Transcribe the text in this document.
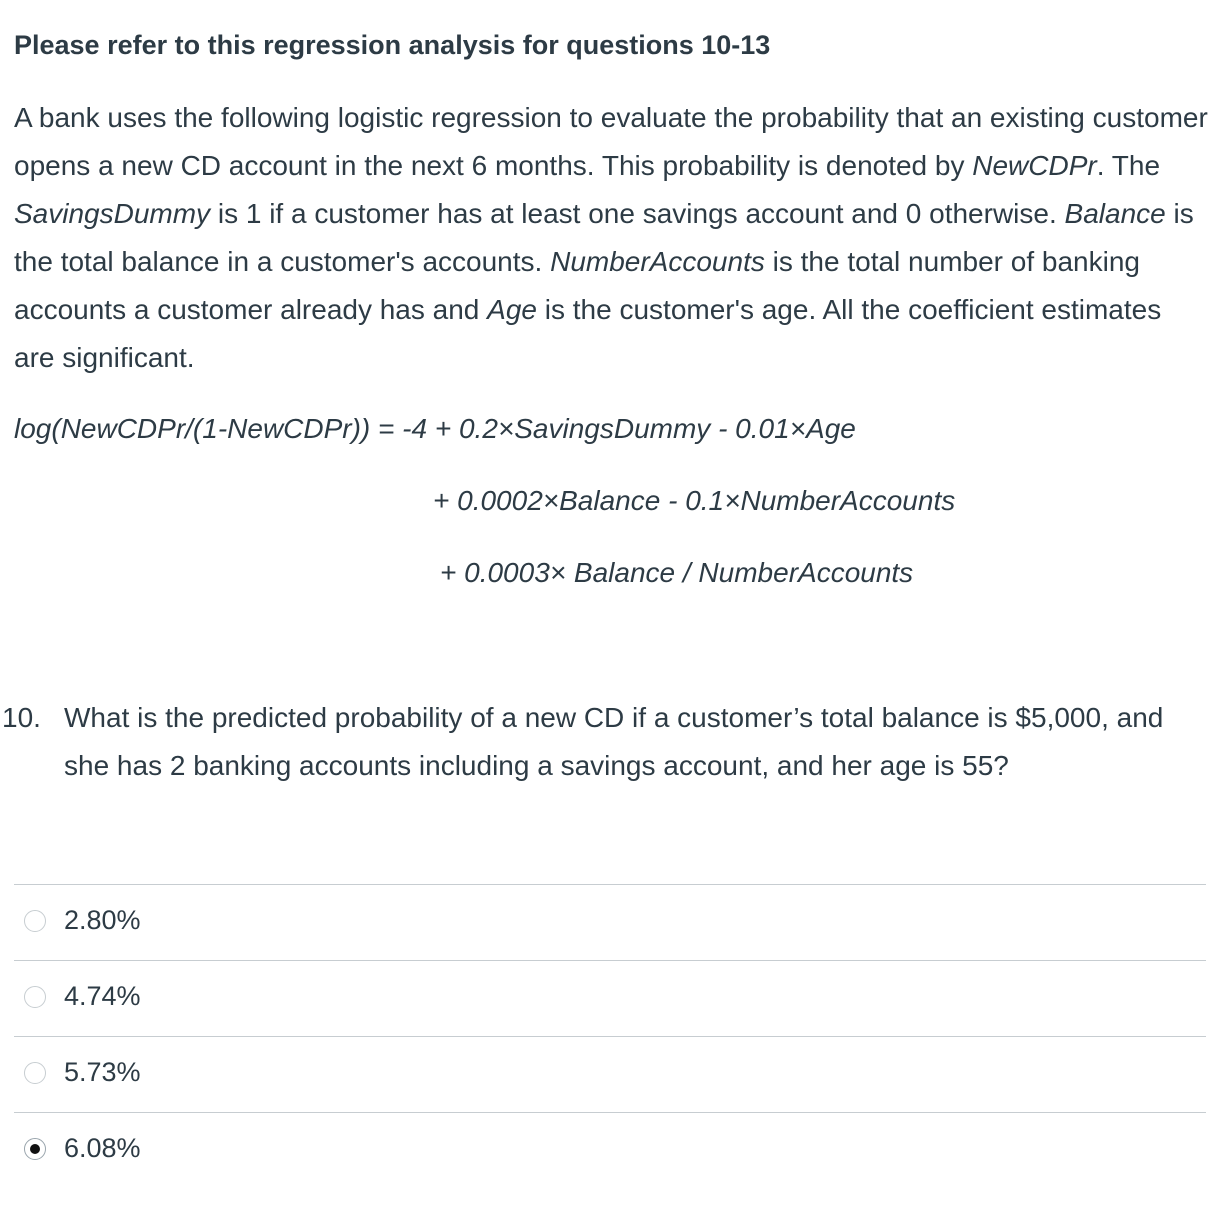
Please refer to this regression analysis for questions 10-13

A bank uses the following logistic regression to evaluate the probability that an existing customer opens a new CD account in the next 6 months. This probability is denoted by NewCDPr. The SavingsDummy is 1 if a customer has at least one savings account and 0 otherwise. Balance is the total balance in a customer's accounts. NumberAccounts is the total number of banking accounts a customer already has and Age is the customer's age. All the coefficient estimates are significant.

log(NewCDPr/(1-NewCDPr)) = -4 + 0.2×SavingsDummy - 0.01×Age
+ 0.0002×Balance - 0.1×NumberAccounts
+ 0.0003× Balance / NumberAccounts
10. What is the predicted probability of a new CD if a customer’s total balance is $5,000, and she has 2 banking accounts including a savings account, and her age is 55?

2.80%
4.74%
5.73%
6.08%
